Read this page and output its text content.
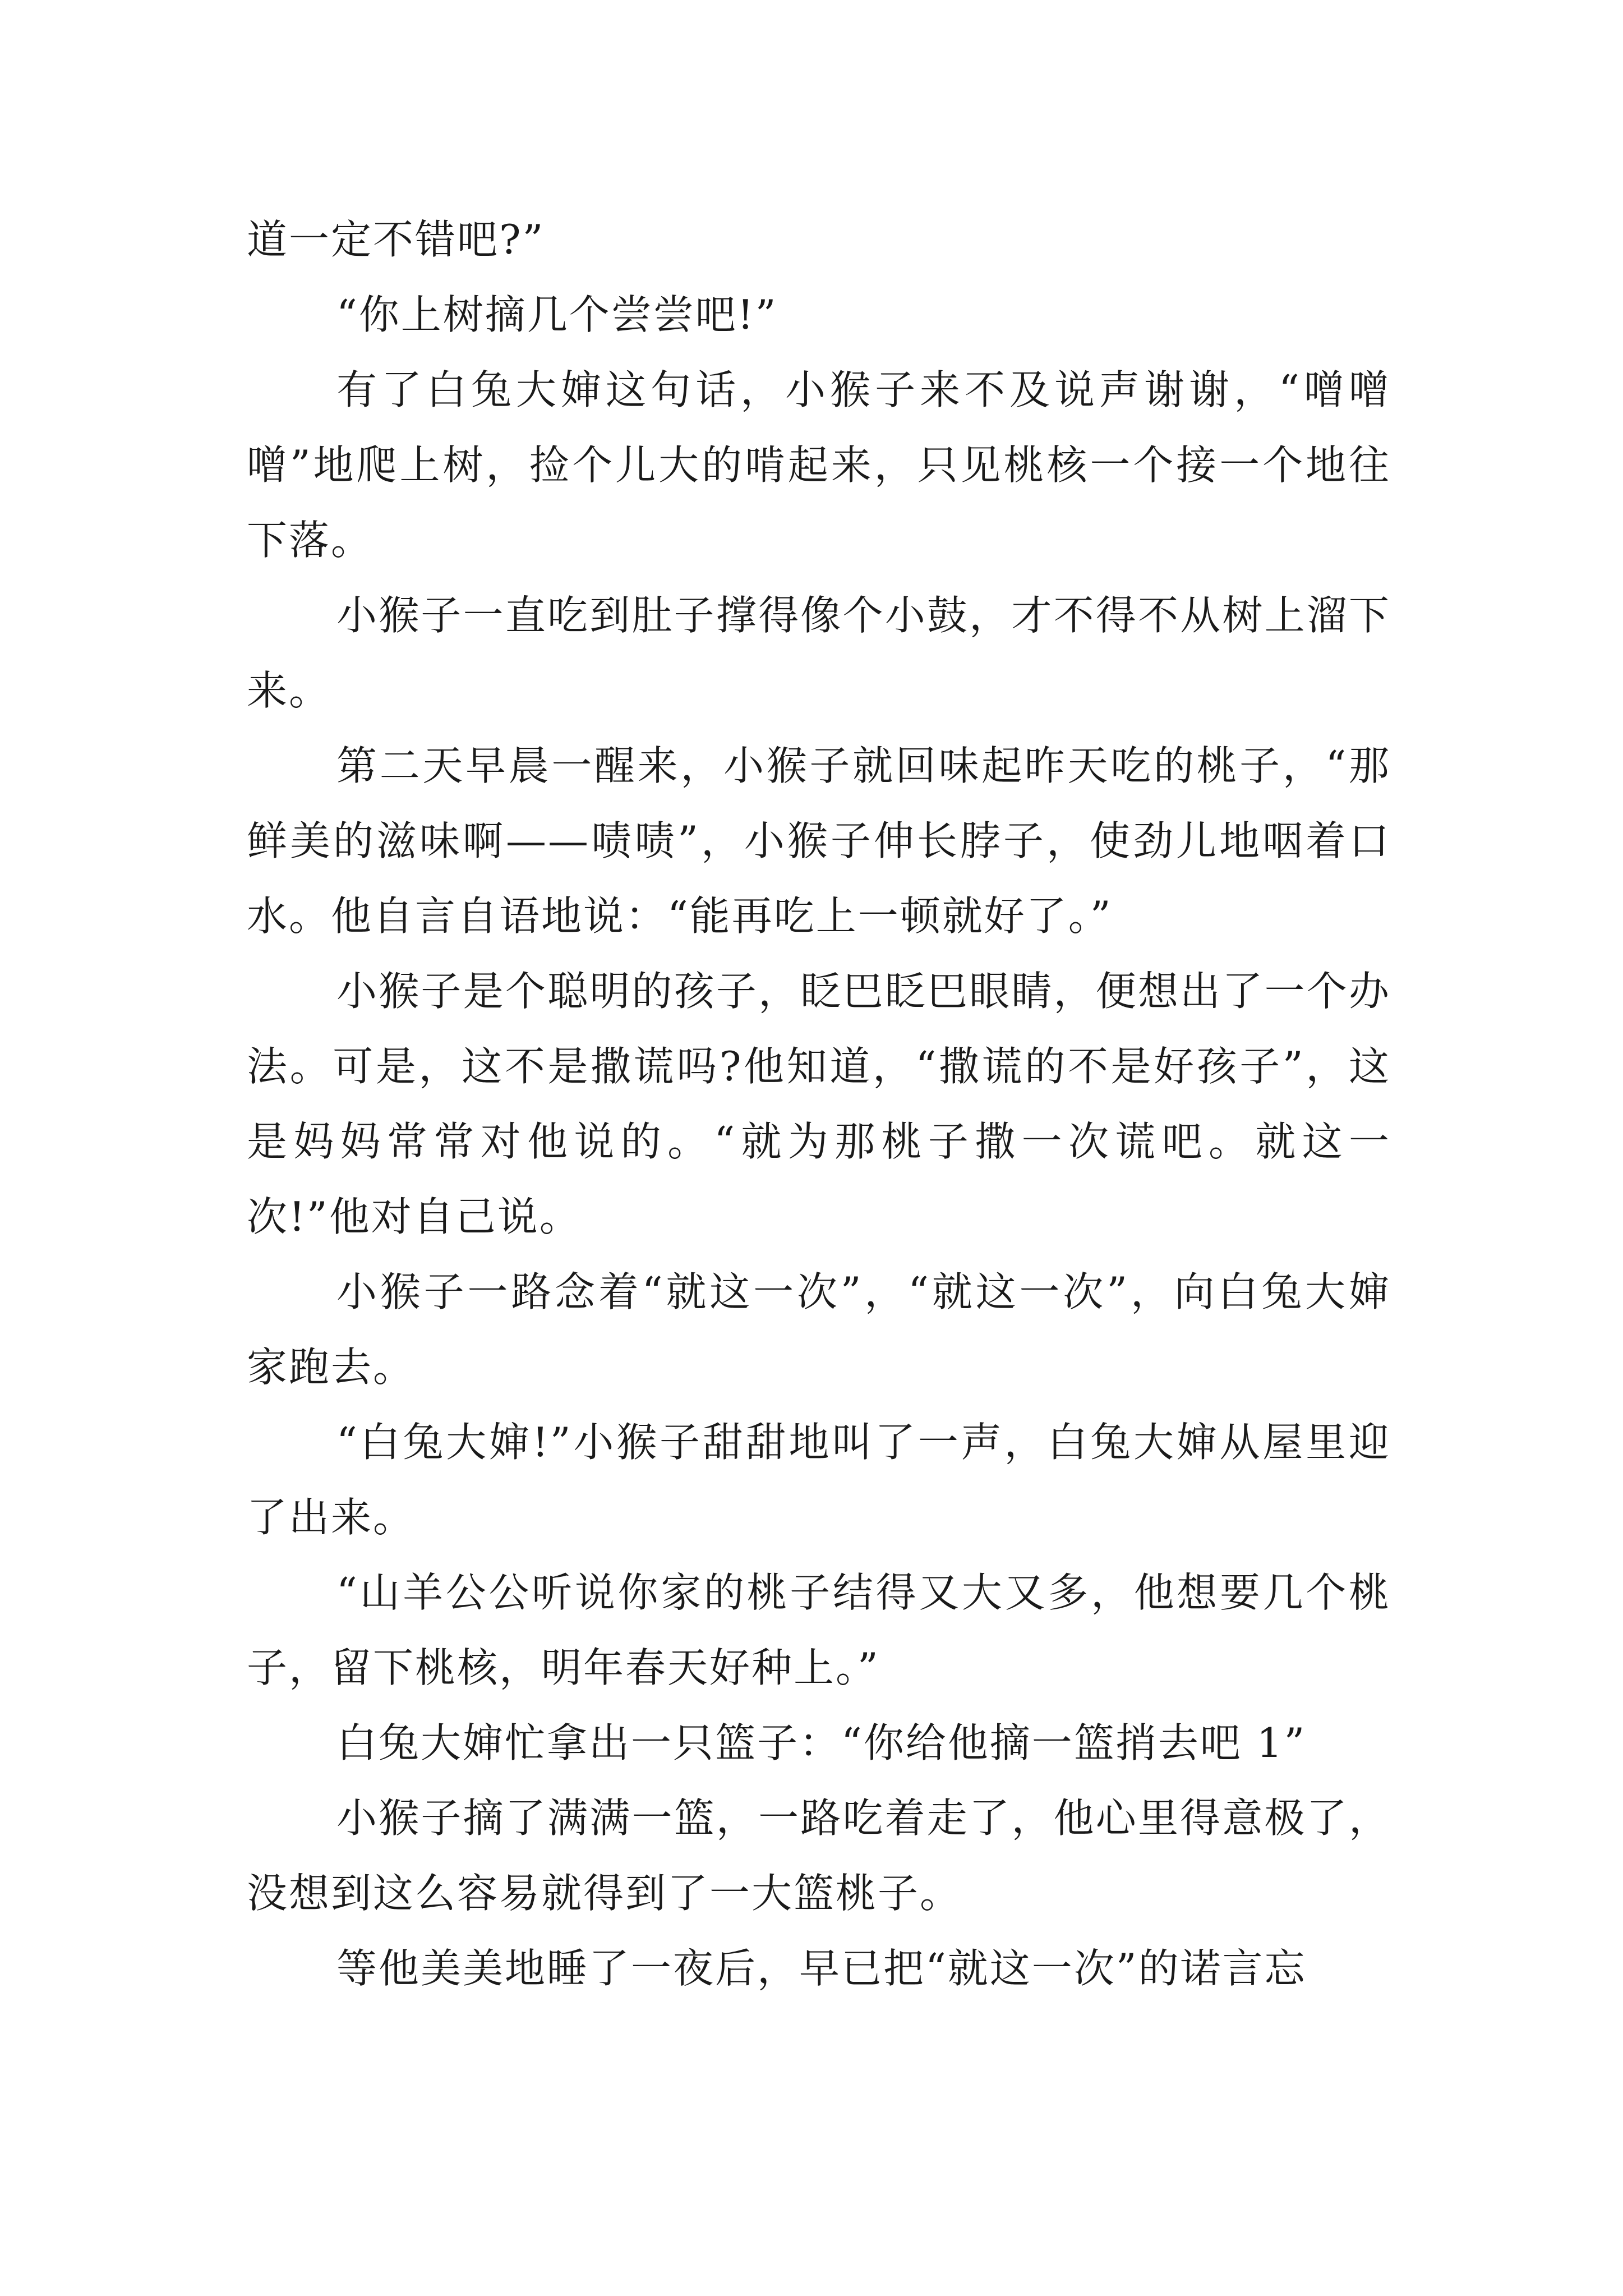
道一定不错吧?”

“你上树摘几个尝尝吧!”

有了白兔大婶这句话，小猴子来不及说声谢谢，“噌噌噌”地爬上树，捡个儿大的啃起来，只见桃核一个接一个地往下落。

小猴子一直吃到肚子撑得像个小鼓，才不得不从树上溜下来。

第二天早晨一醒来，小猴子就回味起昨天吃的桃子，“那鲜美的滋味啊——啧啧”，小猴子伸长脖子，使劲儿地咽着口水。他自言自语地说：“能再吃上一顿就好了。”

小猴子是个聪明的孩子，眨巴眨巴眼睛，便想出了一个办法。可是，这不是撒谎吗?他知道，“撒谎的不是好孩子”，这是妈妈常常对他说的。“就为那桃子撒一次谎吧。就这一次!”他对自己说。

小猴子一路念着“就这一次”，“就这一次”，向白兔大婶家跑去。

“白兔大婶!”小猴子甜甜地叫了一声，白兔大婶从屋里迎了出来。

“山羊公公听说你家的桃子结得又大又多，他想要几个桃子，留下桃核，明年春天好种上。”

白兔大婶忙拿出一只篮子：“你给他摘一篮捎去吧 1”

小猴子摘了满满一篮，一路吃着走了，他心里得意极了，没想到这么容易就得到了一大篮桃子。

等他美美地睡了一夜后，早已把“就这一次”的诺言忘
